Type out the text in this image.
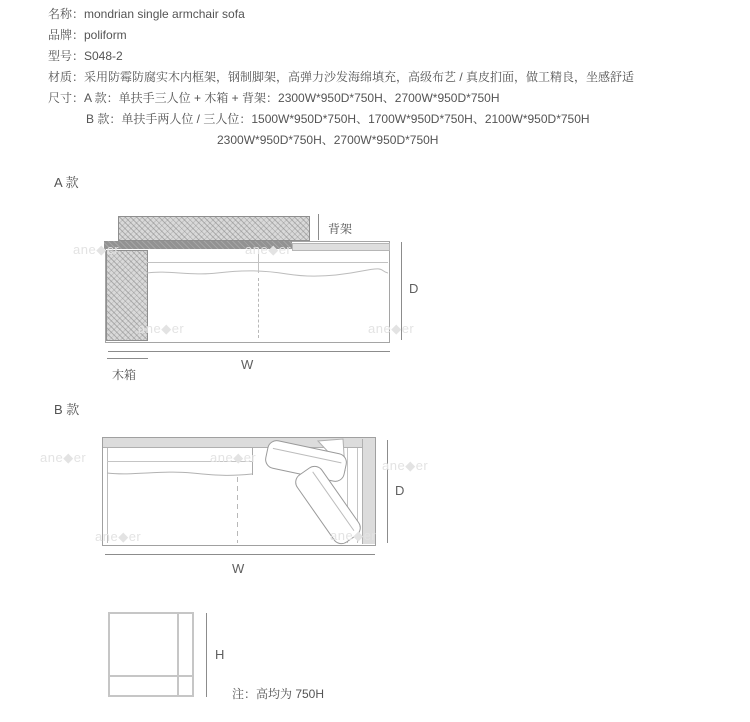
名称：mondrian single armchair sofa
品牌：poliform
型号：S048-2
材质：采用防霉防腐实木内框架，钢制脚架，高弹力沙发海绵填充，高级布艺 / 真皮扪面，做工精良，坐感舒适
尺寸：A 款：单扶手三人位 + 木箱 + 背架：2300W*950D*750H、2700W*950D*750H
B 款：单扶手两人位 / 三人位：1500W*950D*750H、1700W*950D*750H、2100W*950D*750H
2300W*950D*750H、2700W*950D*750H
A 款
背架
D
W
木箱
B 款
D
W
H
注：高均为 750H
ane◆er	ane◆er
ane◆er	ane◆er
ane◆er	ane◆er
ane◆er
ane◆er	ane◆er
